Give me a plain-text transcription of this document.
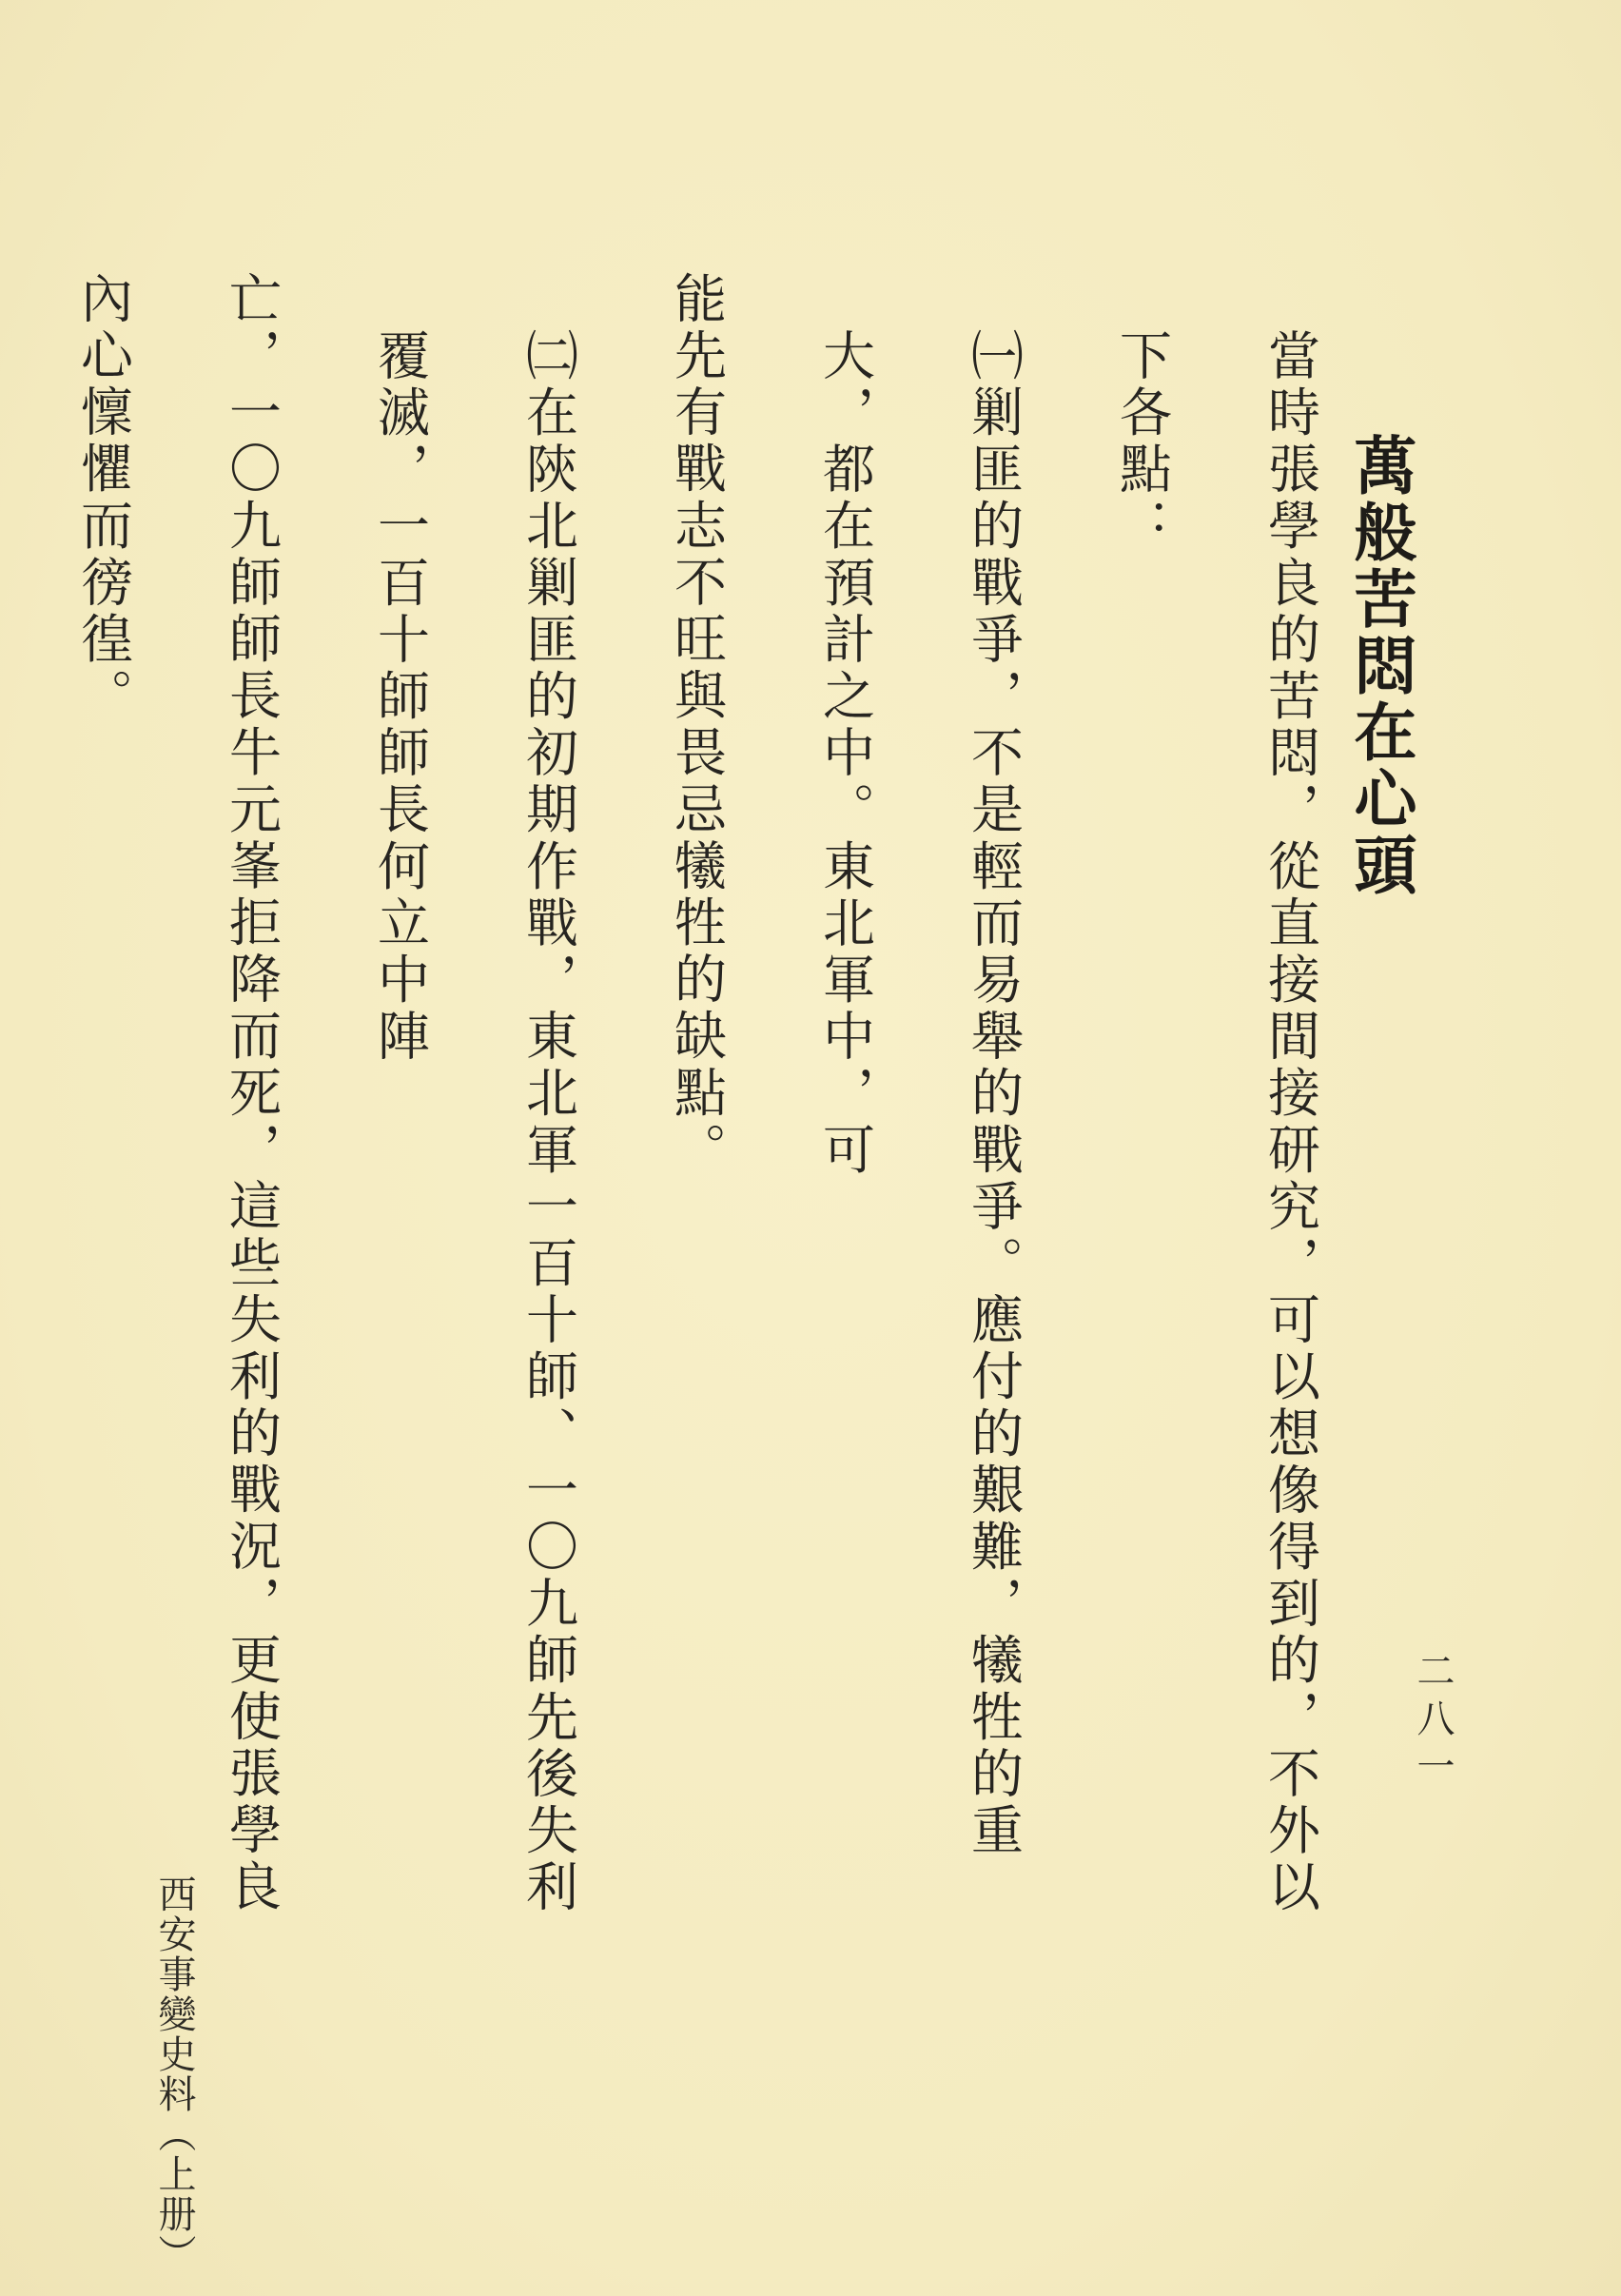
萬般苦悶在心頭

當時張學良的苦悶，從直接間接研究，可以想像得到的，不外以下各點：

㈠剿匪的戰爭，不是輕而易舉的戰爭。應付的艱難，犧牲的重大，都在預計之中。東北軍中，可

能先有戰志不旺與畏忌犧牲的缺點。

㈡在陝北剿匪的初期作戰，東北軍一百十師、一〇九師先後失利覆滅，一百十師師長何立中陣

亡，一〇九師師長牛元峯拒降而死，這些失利的戰況，更使張學良內心懍懼而徬徨。

二八一
西安事變史料（上册）
